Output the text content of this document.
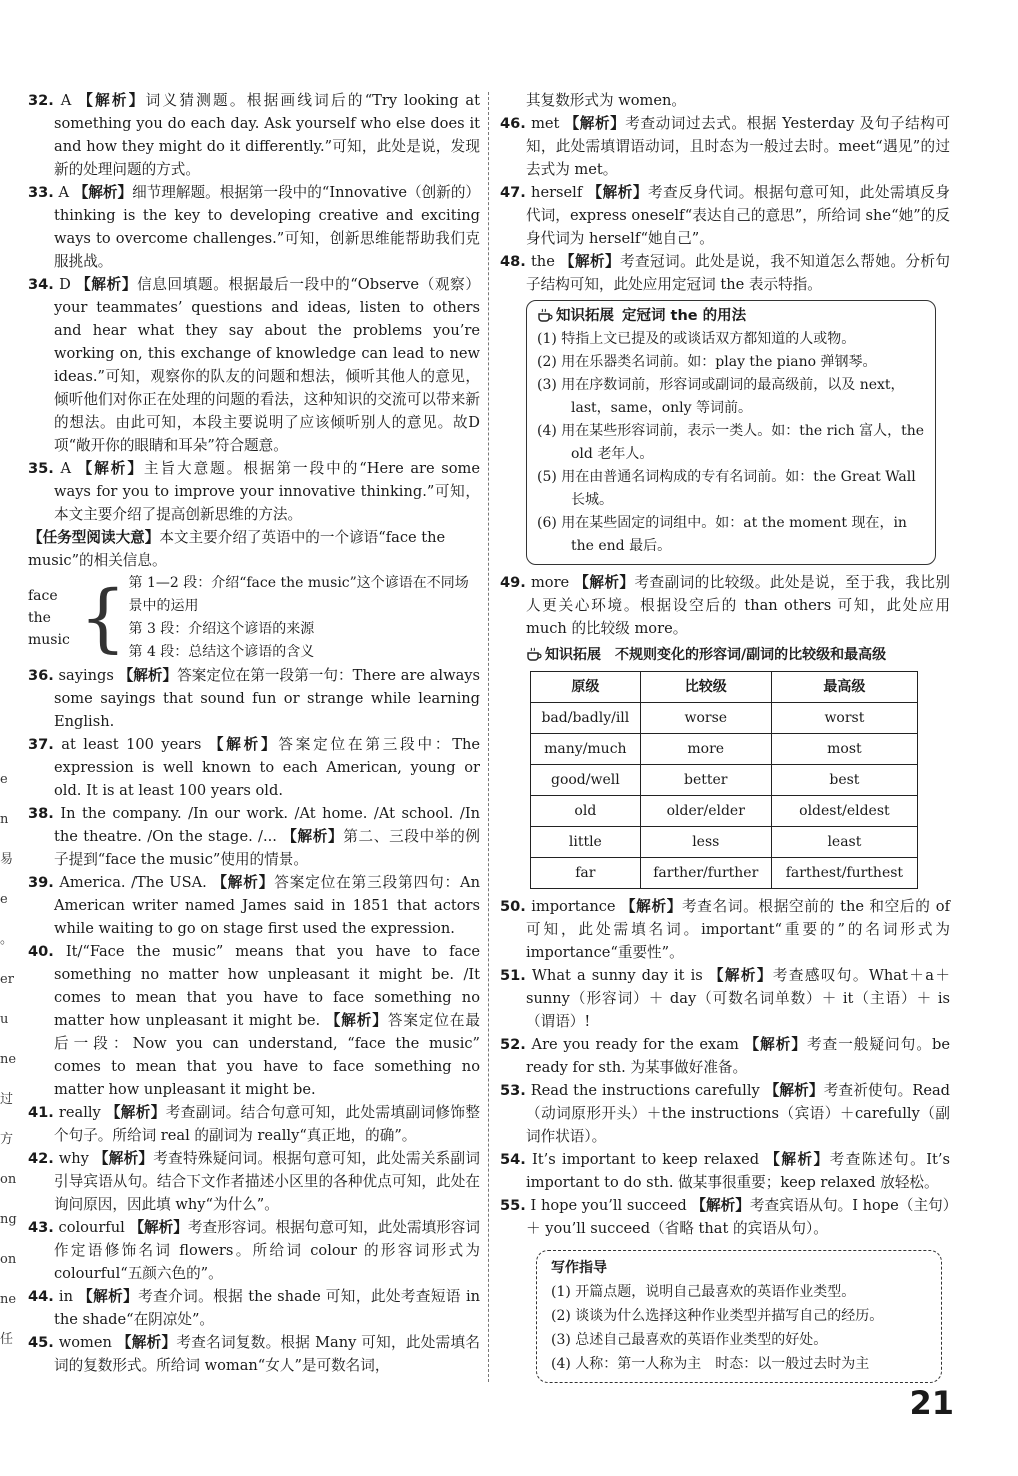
e
n
易
e
。
er
u
ne
过
方
on
ng
on
ne
任

32. A 【解析】词义猜测题。根据画线词后的“Try looking at something you do each day. Ask yourself who else does it and how they might do it differently.”可知，此处是说，发现新的处理问题的方式。

33. A 【解析】细节理解题。根据第一段中的“Innovative（创新的）thinking is the key to developing creative and exciting ways to overcome challenges.”可知，创新思维能帮助我们克服挑战。

34. D 【解析】信息回填题。根据最后一段中的“Observe（观察）your teammates’ questions and ideas, listen to others and hear what they say about the problems you’re working on, this exchange of knowledge can lead to new ideas.”可知，观察你的队友的问题和想法，倾听其他人的意见，倾听他们对你正在处理的问题的看法，这种知识的交流可以带来新的想法。由此可知，本段主要说明了应该倾听别人的意见。故D项“敞开你的眼睛和耳朵”符合题意。

35. A 【解析】主旨大意题。根据第一段中的“Here are some ways for you to improve your innovative thinking.”可知，本文主要介绍了提高创新思维的方法。

【任务型阅读大意】本文主要介绍了英语中的一个谚语“face the music”的相关信息。

face the music { 第 1—2 段：介绍“face the music”这个谚语在不同场景中的运用
第 3 段：介绍这个谚语的来源
第 4 段：总结这个谚语的含义

36. sayings 【解析】答案定位在第一段第一句：There are always some sayings that sound fun or strange while learning English.

37. at least 100 years 【解析】答案定位在第三段中：The expression is well known to each American, young or old. It is at least 100 years old.

38. In the company. /In our work. /At home. /At school. /In the theatre. /On the stage. /... 【解析】第二、三段中举的例子提到“face the music”使用的情景。

39. America. /The USA. 【解析】答案定位在第三段第四句：An American writer named James said in 1851 that actors while waiting to go on stage first used the expression.

40. It/“Face the music” means that you have to face something no matter how unpleasant it might be. /It comes to mean that you have to face something no matter how unpleasant it might be. 【解析】答案定位在最后一段：Now you can understand, “face the music” comes to mean that you have to face something no matter how unpleasant it might be.

41. really 【解析】考查副词。结合句意可知，此处需填副词修饰整个句子。所给词 real 的副词为 really“真正地，的确”。

42. why 【解析】考查特殊疑问词。根据句意可知，此处需关系副词引导宾语从句。结合下文作者描述小区里的各种优点可知，此处在询问原因，因此填 why“为什么”。

43. colourful 【解析】考查形容词。根据句意可知，此处需填形容词作定语修饰名词 flowers。所给词 colour 的形容词形式为 colourful“五颜六色的”。

44. in 【解析】考查介词。根据 the shade 可知，此处考查短语 in the shade“在阴凉处”。

45. women 【解析】考查名词复数。根据 Many 可知，此处需填名词的复数形式。所给词 woman“女人”是可数名词，

其复数形式为 women。

46. met 【解析】考查动词过去式。根据 Yesterday 及句子结构可知，此处需填谓语动词，且时态为一般过去时。meet“遇见”的过去式为 met。

47. herself 【解析】考查反身代词。根据句意可知，此处需填反身代词，express oneself“表达自己的意思”，所给词 she“她”的反身代词为 herself“她自己”。

48. the 【解析】考查冠词。此处是说，我不知道怎么帮她。分析句子结构可知，此处应用定冠词 the 表示特指。

知识拓展 定冠词 the 的用法
(1) 特指上文已提及的或谈话双方都知道的人或物。
(2) 用在乐器类名词前。如：play the piano 弹钢琴。
(3) 用在序数词前，形容词或副词的最高级前，以及 next，last，same，only 等词前。
(4) 用在某些形容词前，表示一类人。如：the rich 富人，the old 老年人。
(5) 用在由普通名词构成的专有名词前。如：the Great Wall 长城。
(6) 用在某些固定的词组中。如：at the moment 现在，in the end 最后。

49. more 【解析】考查副词的比较级。此处是说，至于我，我比别人更关心环境。根据设空后的 than others 可知，此处应用 much 的比较级 more。

知识拓展　 不规则变化的形容词/副词的比较级和最高级
原级	比较级	最高级
bad/badly/ill	worse	worst
many/much	more	most
good/well	better	best
old	older/elder	oldest/eldest
little	less	least
far	farther/further	farthest/furthest

50. importance 【解析】考查名词。根据空前的 the 和空后的 of 可知，此处需填名词。important“重要的”的名词形式为 importance“重要性”。

51. What a sunny day it is 【解析】考查感叹句。What＋a＋sunny（形容词）＋ day（可数名词单数）＋ it（主语）＋ is（谓语）!

52. Are you ready for the exam 【解析】考查一般疑问句。be ready for sth. 为某事做好准备。

53. Read the instructions carefully 【解析】考查祈使句。Read（动词原形开头）＋the instructions（宾语）＋carefully（副词作状语）。

54. It’s important to keep relaxed 【解析】考查陈述句。It’s important to do sth. 做某事很重要；keep relaxed 放轻松。

55. I hope you’ll succeed 【解析】考查宾语从句。I hope（主句）＋ you’ll succeed（省略 that 的宾语从句）。

写作指导
(1) 开篇点题，说明自己最喜欢的英语作业类型。
(2) 谈谈为什么选择这种作业类型并描写自己的经历。
(3) 总述自己最喜欢的英语作业类型的好处。
(4) 人称：第一人称为主　时态：以一般过去时为主
21
